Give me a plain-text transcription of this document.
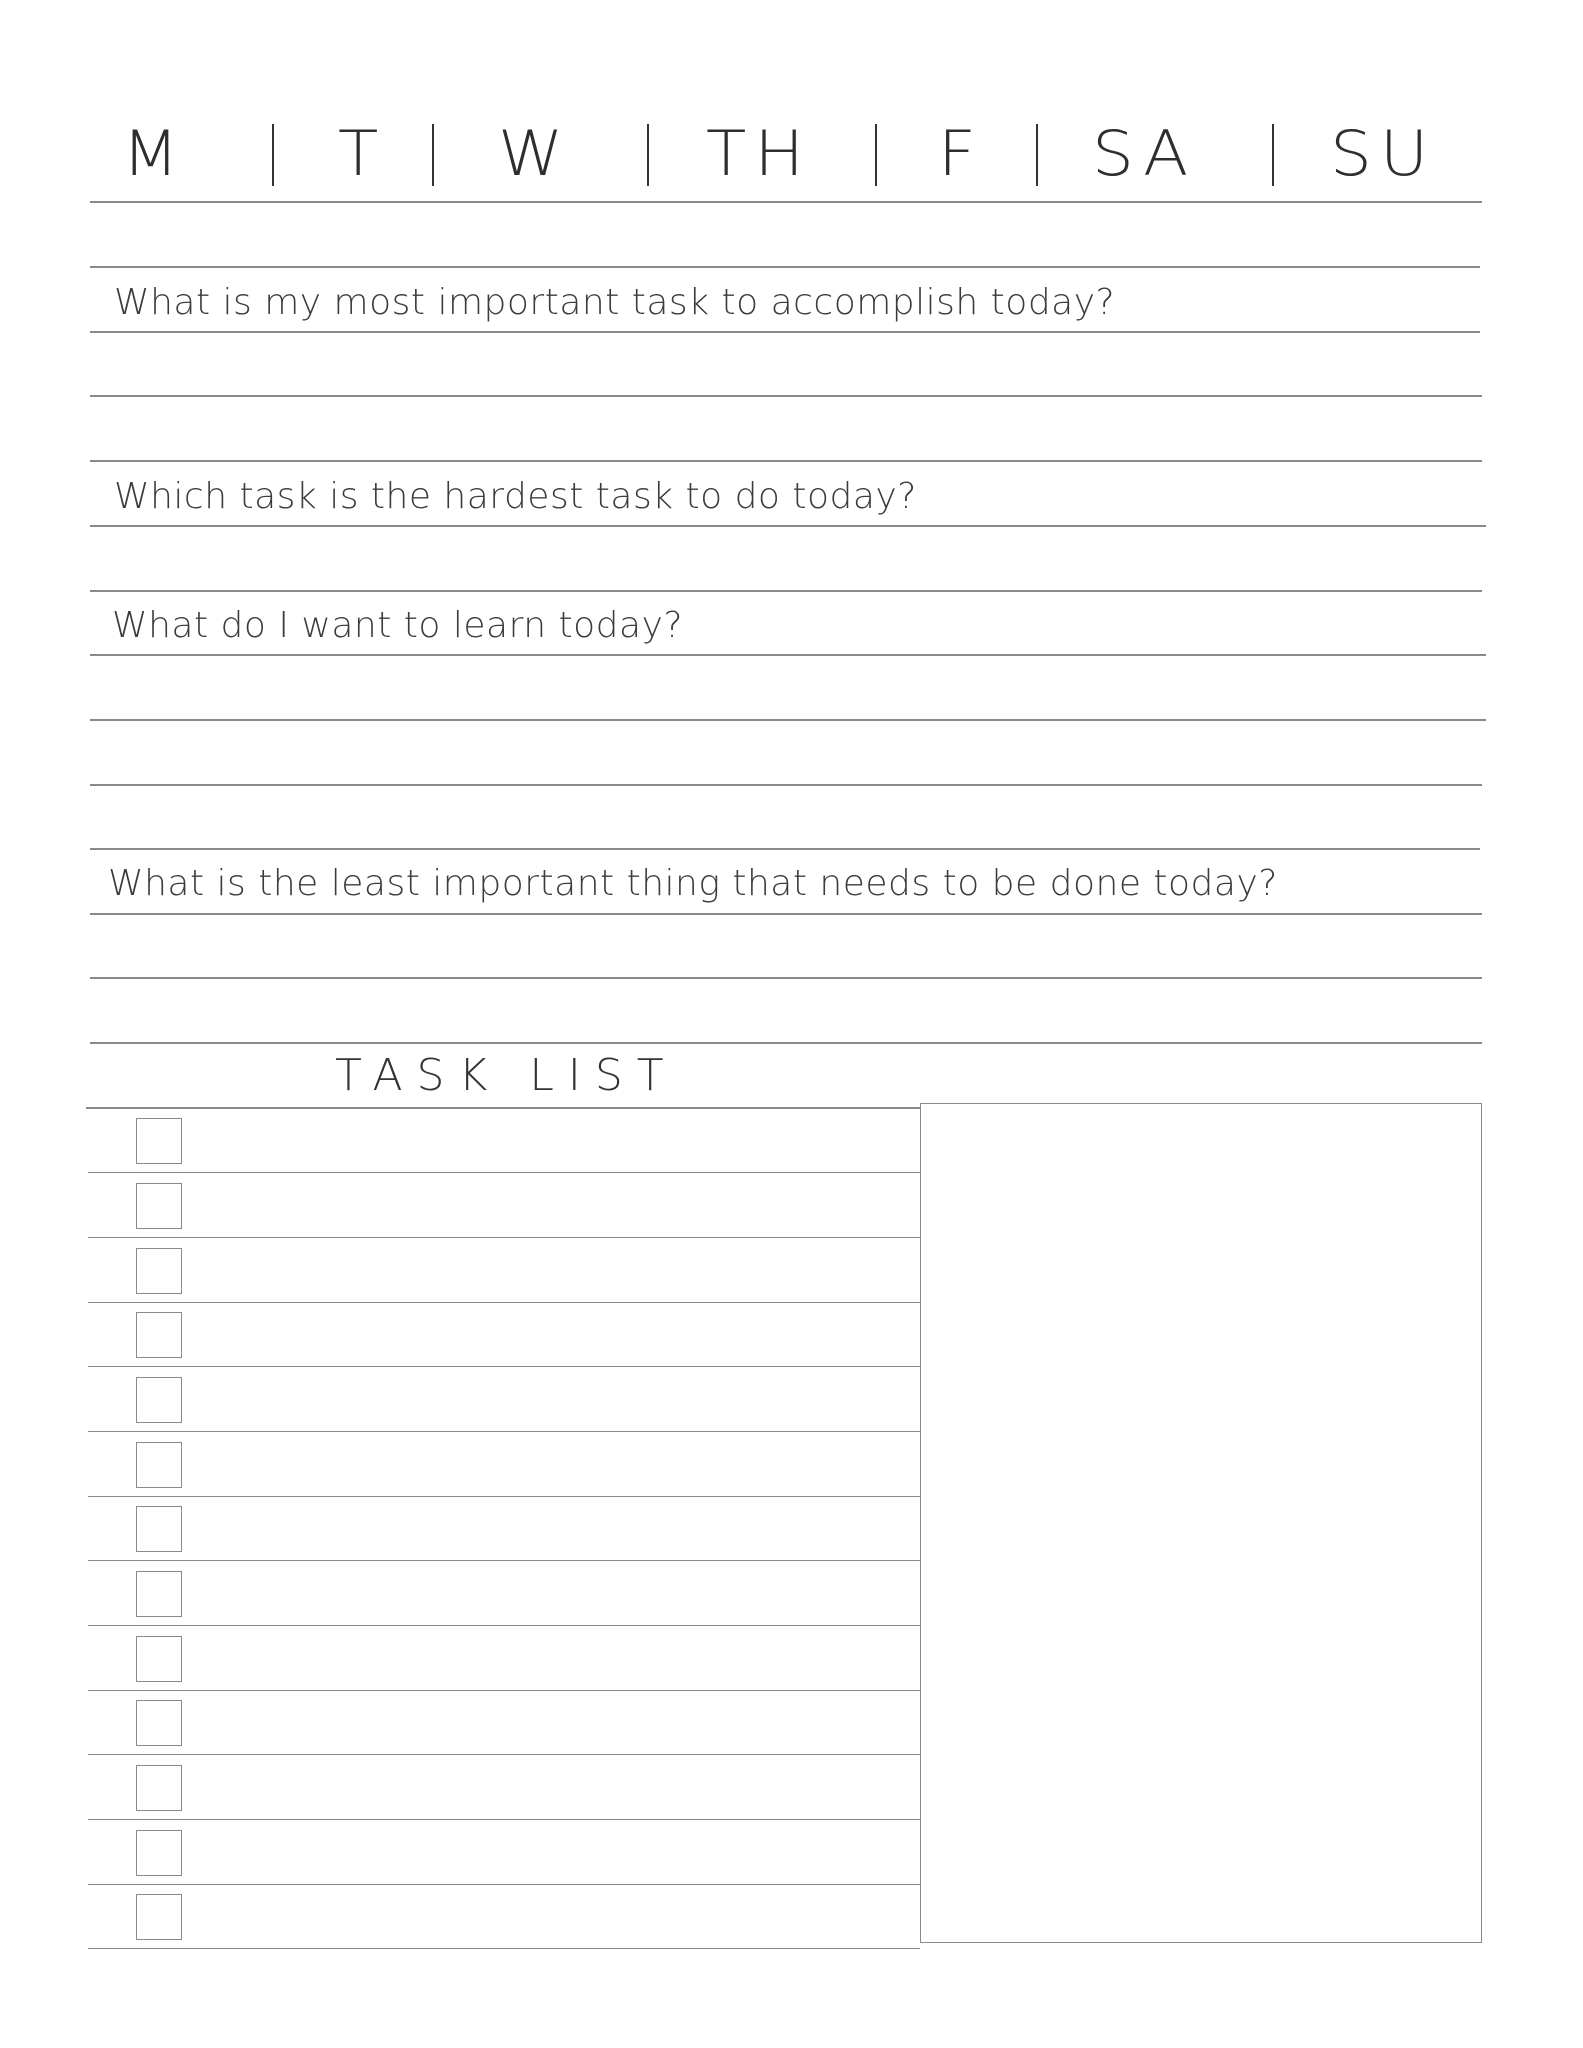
M T W TH F SA SU
What is my most important task to accomplish today?
Which task is the hardest task to do today?
What do I want to learn today?
What is the least important thing that needs to be done today?
TASK LIST
